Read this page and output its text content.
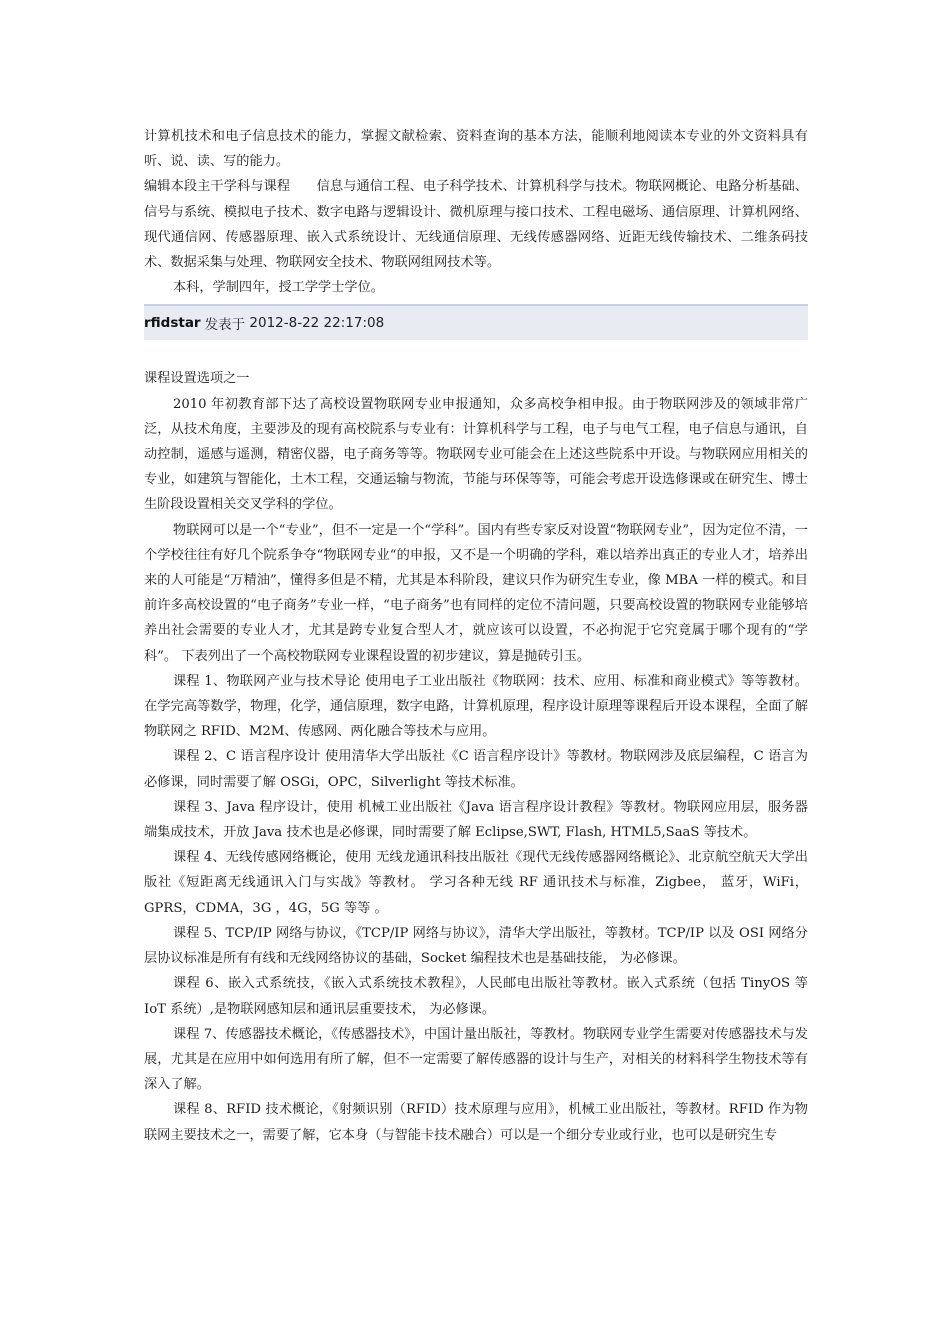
计算机技术和电子信息技术的能力，掌握文献检索、资料查询的基本方法，能顺利地阅读本专业的外文资料具有听、说、读、写的能力。

编辑本段主干学科与课程　　信息与通信工程、电子科学技术、计算机科学与技术。物联网概论、电路分析基础、信号与系统、模拟电子技术、数字电路与逻辑设计、微机原理与接口技术、工程电磁场、通信原理、计算机网络、现代通信网、传感器原理、嵌入式系统设计、无线通信原理、无线传感器网络、近距无线传输技术、二维条码技术、数据采集与处理、物联网安全技术、物联网组网技术等。

本科，学制四年，授工学学士学位。

rfidstar 发表于
2012-8-22 22:17:08

课程设置选项之一

2010 年初教育部下达了高校设置物联网专业申报通知，众多高校争相申报。由于物联网涉及的领域非常广泛，从技术角度，主要涉及的现有高校院系与专业有：计算机科学与工程，电子与电气工程，电子信息与通讯，自动控制，遥感与遥测，精密仪器，电子商务等等。物联网专业可能会在上述这些院系中开设。与物联网应用相关的专业，如建筑与智能化，土木工程，交通运输与物流，节能与环保等等，可能会考虑开设选修课或在研究生、博士生阶段设置相关交叉学科的学位。

物联网可以是一个“专业”，但不一定是一个“学科”。国内有些专家反对设置“物联网专业”，因为定位不清，一个学校往往有好几个院系争夺“物联网专业“的申报，又不是一个明确的学科，难以培养出真正的专业人才，培养出来的人可能是“万精油”，懂得多但是不精，尤其是本科阶段，建议只作为研究生专业，像 MBA 一样的模式。和目前许多高校设置的“电子商务”专业一样，“电子商务”也有同样的定位不清问题，只要高校设置的物联网专业能够培养出社会需要的专业人才，尤其是跨专业复合型人才，就应该可以设置，不必拘泥于它究竟属于哪个现有的“学科”。 下表列出了一个高校物联网专业课程设置的初步建议，算是抛砖引玉。

课程 1、物联网产业与技术导论 使用电子工业出版社《物联网：技术、应用、标准和商业模式》等等教材。在学完高等数学，物理，化学，通信原理，数字电路，计算机原理，程序设计原理等课程后开设本课程，全面了解物联网之 RFID、M2M、传感网、两化融合等技术与应用。

课程 2、C 语言程序设计 使用清华大学出版社《C 语言程序设计》等教材。物联网涉及底层编程，C 语言为必修课，同时需要了解 OSGi，OPC，Silverlight 等技术标准。

课程 3、Java 程序设计，使用 机械工业出版社《Java 语言程序设计教程》等教材。物联网应用层，服务器端集成技术，开放 Java 技术也是必修课，同时需要了解 Eclipse,SWT, Flash, HTML5,SaaS 等技术。

课程 4、无线传感网络概论，使用 无线龙通讯科技出版社《现代无线传感器网络概论》、北京航空航天大学出版社《短距离无线通讯入门与实战》等教材。 学习各种无线 RF 通讯技术与标准，Zigbee， 蓝牙，WiFi，GPRS，CDMA，3G ，4G，5G 等等 。

课程 5、TCP/IP 网络与协议，《TCP/IP 网络与协议》，清华大学出版社，等教材。TCP/IP 以及 OSI 网络分层协议标准是所有有线和无线网络协议的基础，Socket 编程技术也是基础技能， 为必修课。

课程 6、嵌入式系统技，《嵌入式系统技术教程》，人民邮电出版社等教材。嵌入式系统（包括 TinyOS 等 IoT 系统）,是物联网感知层和通讯层重要技术， 为必修课。

课程 7、传感器技术概论，《传感器技术》，中国计量出版社，等教材。物联网专业学生需要对传感器技术与发展，尤其是在应用中如何选用有所了解，但不一定需要了解传感器的设计与生产，对相关的材料科学生物技术等有深入了解。

课程 8、RFID 技术概论，《射频识别（RFID）技术原理与应用》，机械工业出版社，等教材。RFID 作为物联网主要技术之一，需要了解，它本身（与智能卡技术融合）可以是一个细分专业或行业，也可以是研究生专
